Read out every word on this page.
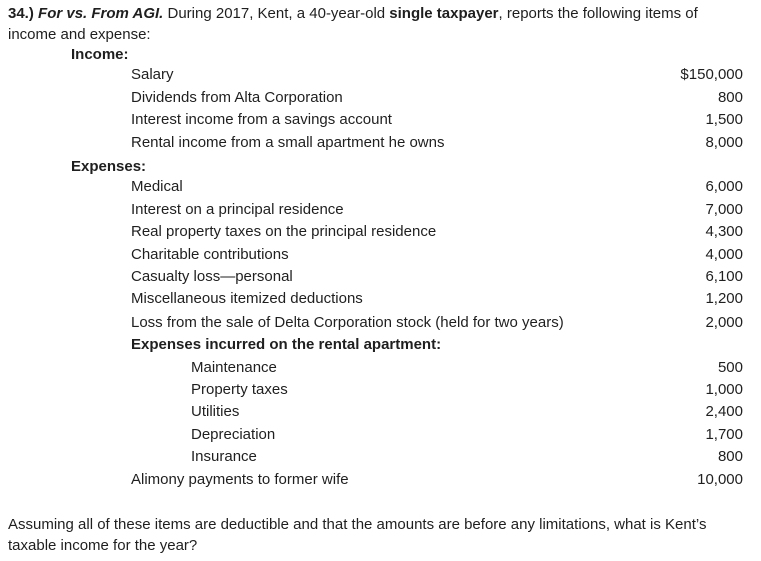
34.) For vs. From AGI. During 2017, Kent, a 40-year-old single taxpayer, reports the following items of
income and expense:
Income:
Salary	$150,000
Dividends from Alta Corporation	800
Interest income from a savings account	1,500
Rental income from a small apartment he owns	8,000
Expenses:
Medical	6,000
Interest on a principal residence	7,000
Real property taxes on the principal residence	4,300
Charitable contributions	4,000
Casualty loss—personal	6,100
Miscellaneous itemized deductions	1,200
Loss from the sale of Delta Corporation stock (held for two years)	2,000
Expenses incurred on the rental apartment:
Maintenance	500
Property taxes	1,000
Utilities	2,400
Depreciation	1,700
Insurance	800
Alimony payments to former wife	10,000
Assuming all of these items are deductible and that the amounts are before any limitations, what is Kent’s taxable income for the year?
